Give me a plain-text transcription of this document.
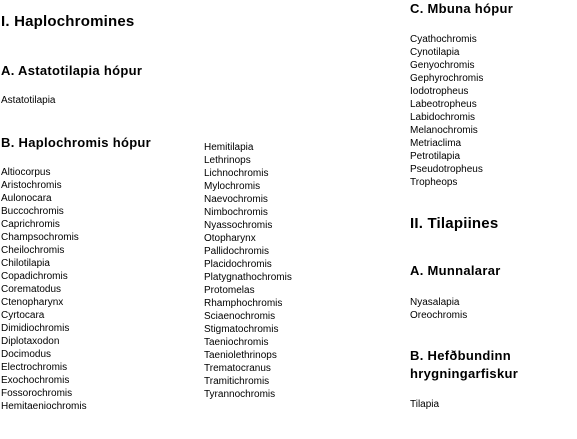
I. Haplochromines
A. Astatotilapia hópur
Astatotilapia
B. Haplochromis hópur
Altiocorpus
Aristochromis
Aulonocara
Buccochromis
Caprichromis
Champsochromis
Cheilochromis
Chilotilapia
Copadichromis
Corematodus
Ctenopharynx
Cyrtocara
Dimidiochromis
Diplotaxodon
Docimodus
Electrochromis
Exochochromis
Fossorochromis
Hemitaeniochromis
Hemitilapia
Lethrinops
Lichnochromis
Mylochromis
Naevochromis
Nimbochromis
Nyassochromis
Otopharynx
Pallidochromis
Placidochromis
Platygnathochromis
Protomelas
Rhamphochromis
Sciaenochromis
Stigmatochromis
Taeniochromis
Taeniolethrinops
Trematocranus
Tramitichromis
Tyrannochromis
C. Mbuna hópur
Cyathochromis
Cynotilapia
Genyochromis
Gephyrochromis
Iodotropheus
Labeotropheus
Labidochromis
Melanochromis
Metriaclima
Petrotilapia
Pseudotropheus
Tropheops
II. Tilapiines
A. Munnalarar
Nyasalapia
Oreochromis
B. Hefðbundinn
hrygningarfiskur
Tilapia
